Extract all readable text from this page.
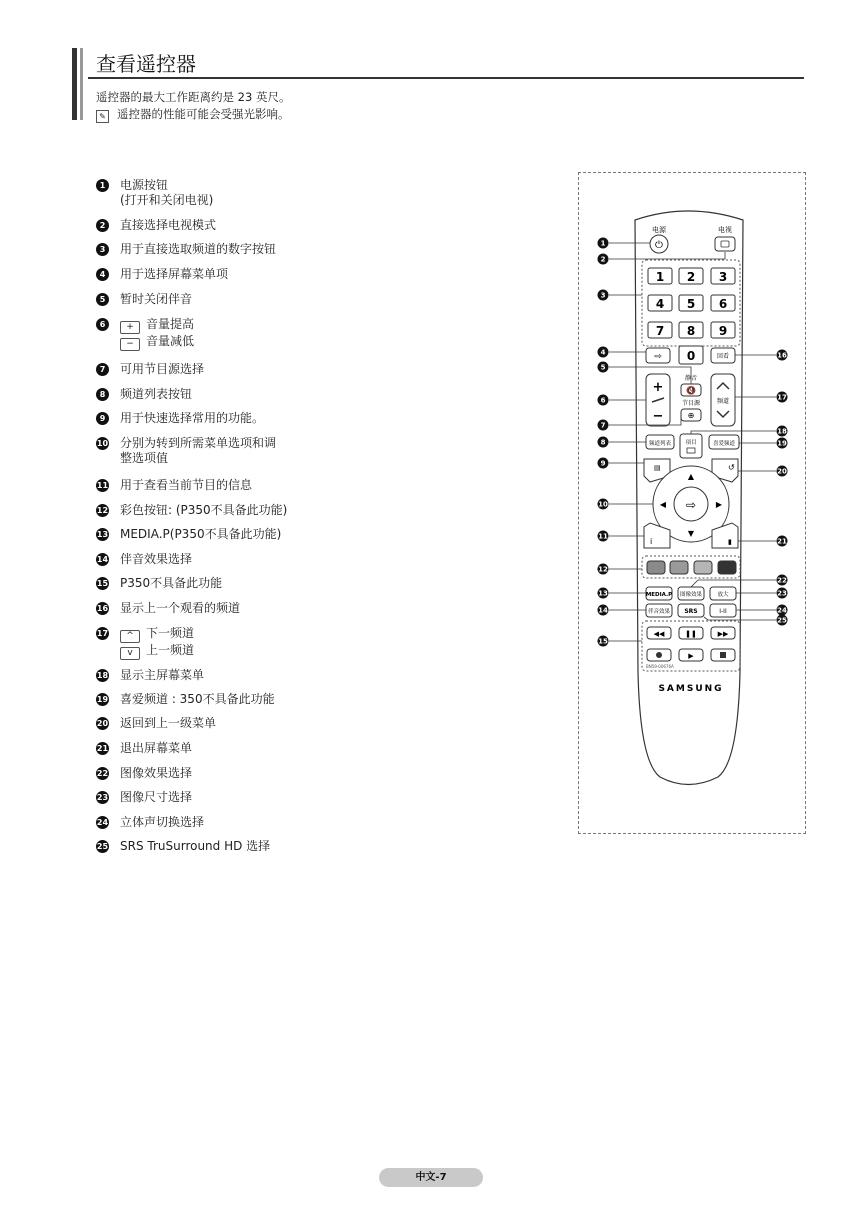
查看遥控器
遥控器的最大工作距离约是 23 英尺。
✎ 遥控器的性能可能会受强光影响。
1	电源按钮
(打开和关闭电视)
2	直接选择电视模式
3	用于直接选取频道的数字按钮
4	用于选择屏幕菜单项
5	暂时关闭伴音
6	+ 音量提高
− 音量减低
7	可用节目源选择
8	频道列表按钮
9	用于快速选择常用的功能。
10 分别为转到所需菜单选项和调
整选项值
11 用于查看当前节目的信息
12 彩色按钮: (P350不具备此功能)
13 MEDIA.P(P350不具备此功能)
14 伴音效果选择
15 P350不具备此功能
16 显示上一个观看的频道
17	^ 下一频道
v 上一频道
18 显示主屏幕菜单
19 喜爱频道 : 350不具备此功能
20 返回到上一级菜单
21 退出屏幕菜单
22 图像效果选择
23 图像尺寸选择
24 立体声切换选择
25 SRS TruSurround HD 选择
电源
⏻
电视
1 2 3
4 5 6
7 8 9
⇨ 0	回看
+
−
静音
🔇
节目源
⊕
频道
频道列表	项目	喜爱频道
▤	↺
⇨
▲
▼
◀	▶
i	▮
MEDIA.P 图像效果	放大
伴音效果 SRS	I-II
◀◀	❚❚	▶▶
▶
BN59-00676A
SAMSUNG
1
2
3
4
5
6
7
8
9
10
11
12
13
14
15
16
17
18
19
20
21
22
23
24
25
中文-7
